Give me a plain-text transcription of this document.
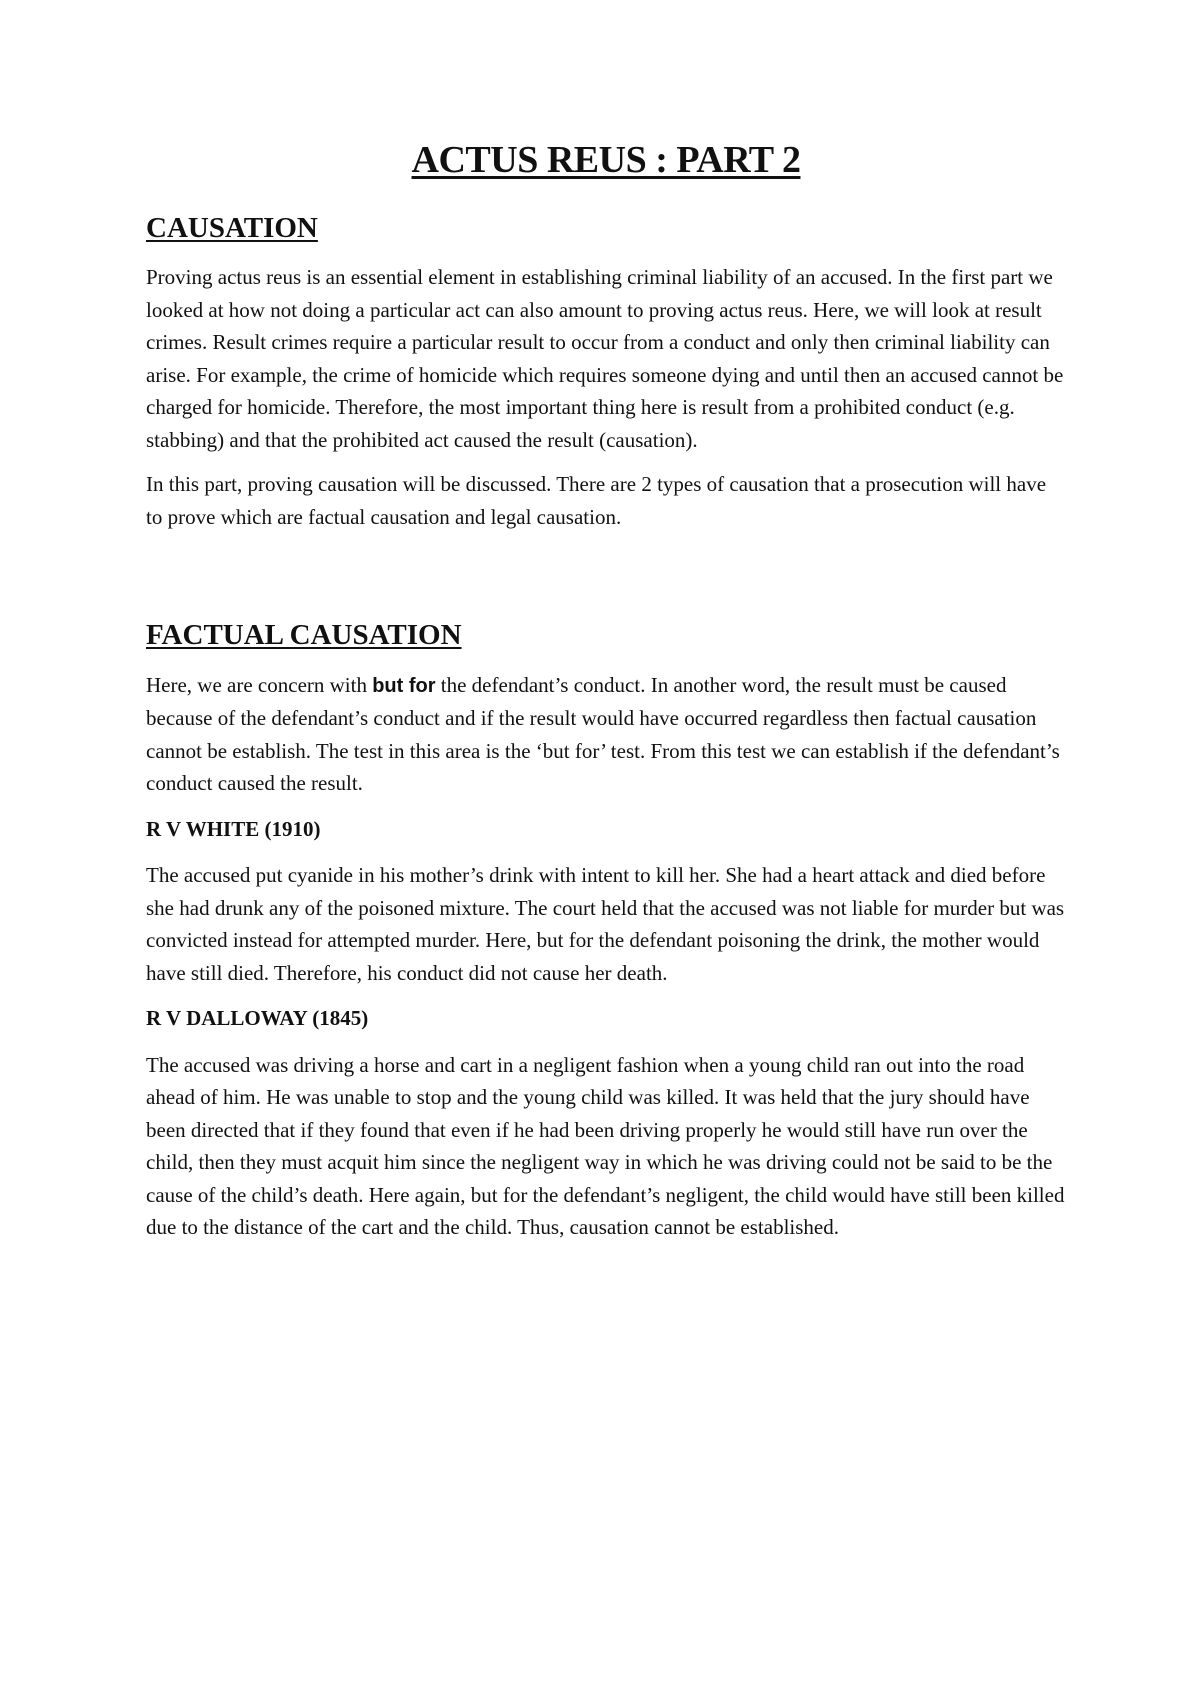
ACTUS REUS : PART 2
CAUSATION

Proving actus reus is an essential element in establishing criminal liability of an accused. In the first part we looked at how not doing a particular act can also amount to proving actus reus. Here, we will look at result crimes. Result crimes require a particular result to occur from a conduct and only then criminal liability can arise. For example, the crime of homicide which requires someone dying and until then an accused cannot be charged for homicide. Therefore, the most important thing here is result from a prohibited conduct (e.g. stabbing) and that the prohibited act caused the result (causation).

In this part, proving causation will be discussed. There are 2 types of causation that a prosecution will have to prove which are factual causation and legal causation.

FACTUAL CAUSATION

Here, we are concern with but for the defendant’s conduct. In another word, the result must be caused because of the defendant’s conduct and if the result would have occurred regardless then factual causation cannot be establish. The test in this area is the ‘but for’ test. From this test we can establish if the defendant’s conduct caused the result.

R V WHITE (1910)

The accused put cyanide in his mother’s drink with intent to kill her. She had a heart attack and died before she had drunk any of the poisoned mixture. The court held that the accused was not liable for murder but was convicted instead for attempted murder. Here, but for the defendant poisoning the drink, the mother would have still died. Therefore, his conduct did not cause her death.

R V DALLOWAY (1845)

The accused was driving a horse and cart in a negligent fashion when a young child ran out into the road ahead of him. He was unable to stop and the young child was killed. It was held that the jury should have been directed that if they found that even if he had been driving properly he would still have run over the child, then they must acquit him since the negligent way in which he was driving could not be said to be the cause of the child’s death. Here again, but for the defendant’s negligent, the child would have still been killed due to the distance of the cart and the child. Thus, causation cannot be established.
